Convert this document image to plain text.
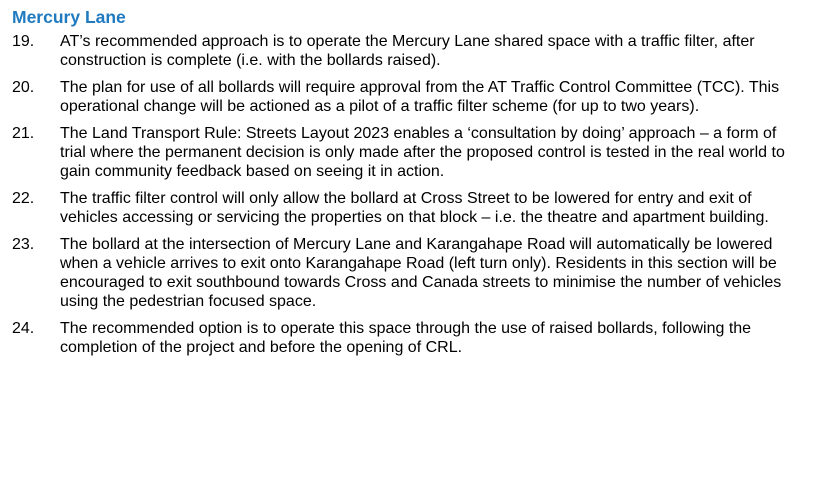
Mercury Lane
19.	AT’s recommended approach is to operate the Mercury Lane shared space with a traffic filter, after construction is complete (i.e. with the bollards raised).
20.	The plan for use of all bollards will require approval from the AT Traffic Control Committee (TCC). This operational change will be actioned as a pilot of a traffic filter scheme (for up to two years).
21.	The Land Transport Rule: Streets Layout 2023 enables a ‘consultation by doing’ approach – a form of trial where the permanent decision is only made after the proposed control is tested in the real world to gain community feedback based on seeing it in action.
22.	The traffic filter control will only allow the bollard at Cross Street to be lowered for entry and exit of vehicles accessing or servicing the properties on that block – i.e. the theatre and apartment building.
23.	The bollard at the intersection of Mercury Lane and Karangahape Road will automatically be lowered when a vehicle arrives to exit onto Karangahape Road (left turn only). Residents in this section will be encouraged to exit southbound towards Cross and Canada streets to minimise the number of vehicles using the pedestrian focused space.
24.	The recommended option is to operate this space through the use of raised bollards, following the completion of the project and before the opening of CRL.
